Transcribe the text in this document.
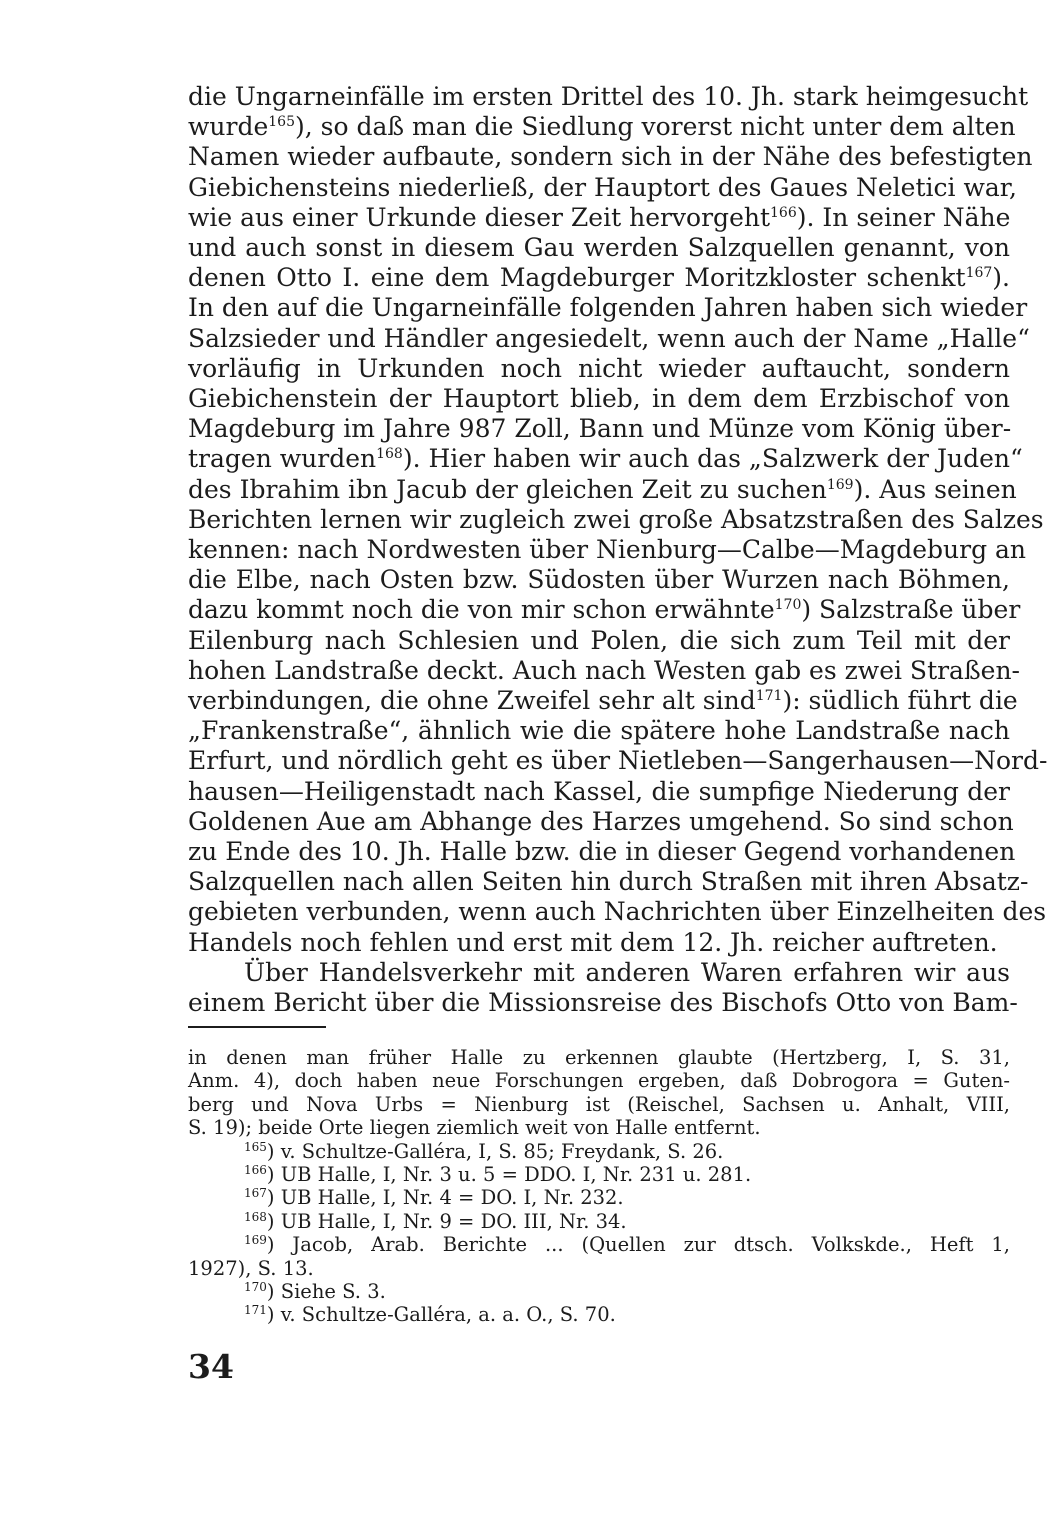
die Ungarneinfälle im ersten Drittel des 10. Jh. stark heimgesucht
wurde$^{165}$), so daß man die Siedlung vorerst nicht unter dem alten
Namen wieder aufbaute, sondern sich in der Nähe des befestigten
Giebichensteins niederließ, der Hauptort des Gaues Neletici war,
wie aus einer Urkunde dieser Zeit hervorgeht$^{166}$). In seiner Nähe
und auch sonst in diesem Gau werden Salzquellen genannt, von
denen Otto I. eine dem Magdeburger Moritzkloster schenkt$^{167}$).
In den auf die Ungarneinfälle folgenden Jahren haben sich wieder
Salzsieder und Händler angesiedelt, wenn auch der Name „Halle“
vorläufig in Urkunden noch nicht wieder auftaucht, sondern
Giebichenstein der Hauptort blieb, in dem dem Erzbischof von
Magdeburg im Jahre 987 Zoll, Bann und Münze vom König über-
tragen wurden$^{168}$). Hier haben wir auch das „Salzwerk der Juden“
des Ibrahim ibn Jacub der gleichen Zeit zu suchen$^{169}$). Aus seinen
Berichten lernen wir zugleich zwei große Absatzstraßen des Salzes
kennen: nach Nordwesten über Nienburg—Calbe—Magdeburg an
die Elbe, nach Osten bzw. Südosten über Wurzen nach Böhmen,
dazu kommt noch die von mir schon erwähnte$^{170}$) Salzstraße über
Eilenburg nach Schlesien und Polen, die sich zum Teil mit der
hohen Landstraße deckt. Auch nach Westen gab es zwei Straßen-
verbindungen, die ohne Zweifel sehr alt sind$^{171}$): südlich führt die
„Frankenstraße“, ähnlich wie die spätere hohe Landstraße nach
Erfurt, und nördlich geht es über Nietleben—Sangerhausen—Nord-
hausen—Heiligenstadt nach Kassel, die sumpfige Niederung der
Goldenen Aue am Abhange des Harzes umgehend. So sind schon
zu Ende des 10. Jh. Halle bzw. die in dieser Gegend vorhandenen
Salzquellen nach allen Seiten hin durch Straßen mit ihren Absatz-
gebieten verbunden, wenn auch Nachrichten über Einzelheiten des
Handels noch fehlen und erst mit dem 12. Jh. reicher auftreten.
Über Handelsverkehr mit anderen Waren erfahren wir aus
einem Bericht über die Missionsreise des Bischofs Otto von Bam-
in denen man früher Halle zu erkennen glaubte (Hertzberg, I, S. 31,
Anm. 4), doch haben neue Forschungen ergeben, daß Dobrogora = Guten-
berg und Nova Urbs = Nienburg ist (Reischel, Sachsen u. Anhalt, VIII,
S. 19); beide Orte liegen ziemlich weit von Halle entfernt.
$^{165}$) v. Schultze-Galléra, I, S. 85; Freydank, S. 26.
$^{166}$) UB Halle, I, Nr. 3 u. 5 = DDO. I, Nr. 231 u. 281.
$^{167}$) UB Halle, I, Nr. 4 = DO. I, Nr. 232.
$^{168}$) UB Halle, I, Nr. 9 = DO. III, Nr. 34.
$^{169}$) Jacob, Arab. Berichte ... (Quellen zur dtsch. Volkskde., Heft 1,
1927), S. 13.
$^{170}$) Siehe S. 3.
$^{171}$) v. Schultze-Galléra, a. a. O., S. 70.
34
